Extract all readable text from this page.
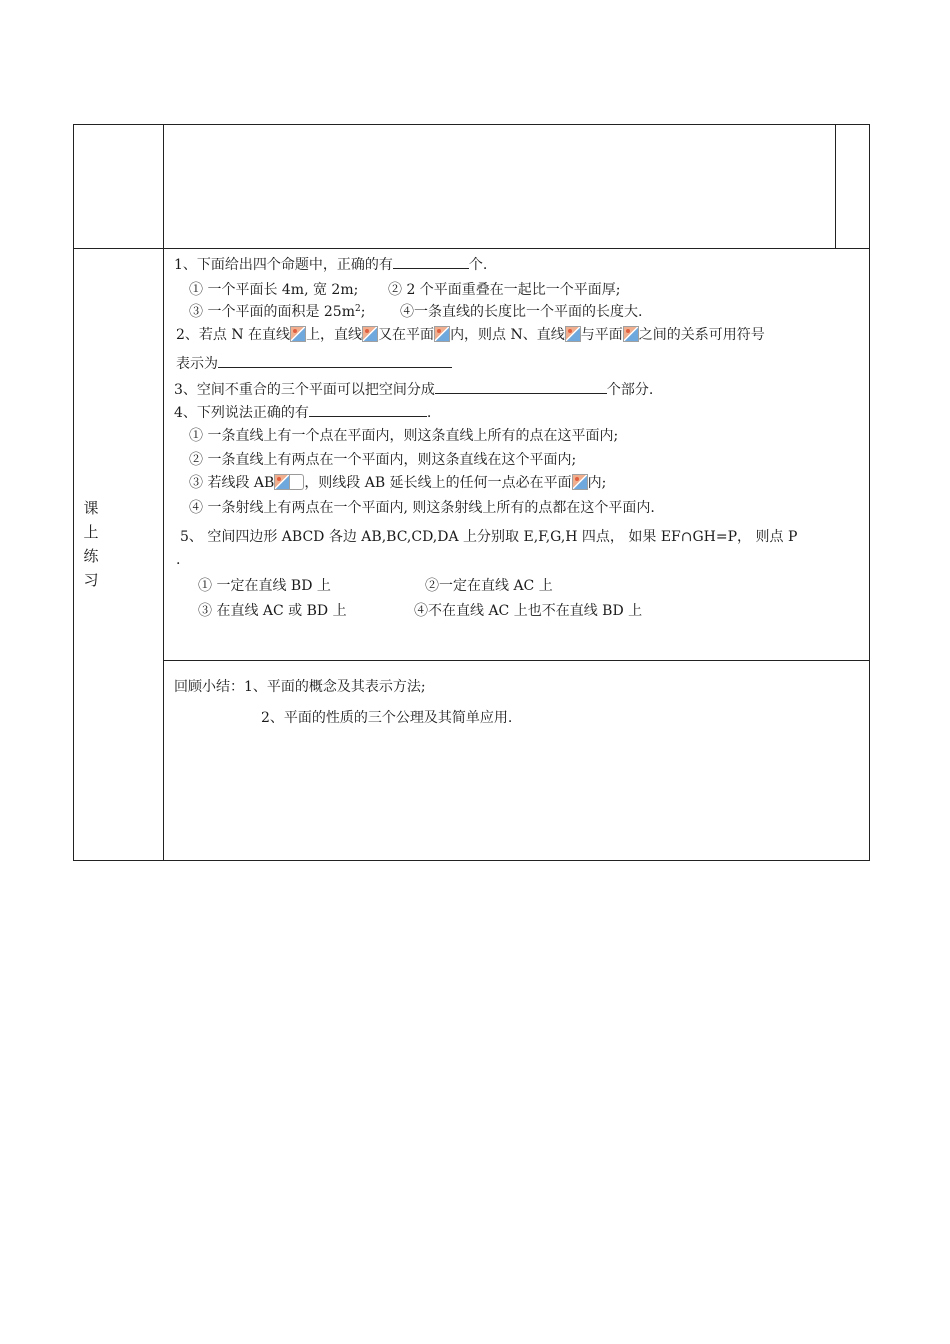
课
上
练
习
1、下面给出四个命题中，正确的有	个.
① 一个平面长 4m, 宽 2m; ② 2 个平面重叠在一起比一个平面厚;
③ 一个平面的面积是 $25m^2$; ④一条直线的长度比一个平面的长度大.
2、若点 N 在直线 上，直线 又在平面 内，则点 N、直线 与平面 之间的关系可用符号
表示为
3、空间不重合的三个平面可以把空间分成	个部分.
4、下列说法正确的有	.
① 一条直线上有一个点在平面内，则这条直线上所有的点在这平面内;
② 一条直线上有两点在一个平面内，则这条直线在这个平面内;
③ 若线段 AB ，则线段 AB 延长线上的任何一点必在平面 内;
④ 一条射线上有两点在一个平面内, 则这条射线上所有的点都在这个平面内.
5、 空间四边形 ABCD 各边 AB,BC,CD,DA 上分别取 E,F,G,H 四点， 如果 EF∩GH=P， 则点 P
.
① 一定在直线 BD 上	②一定在直线 AC 上
③ 在直线 AC 或 BD 上	④不在直线 AC 上也不在直线 BD 上
回顾小结：1、平面的概念及其表示方法;
2、平面的性质的三个公理及其简单应用.
